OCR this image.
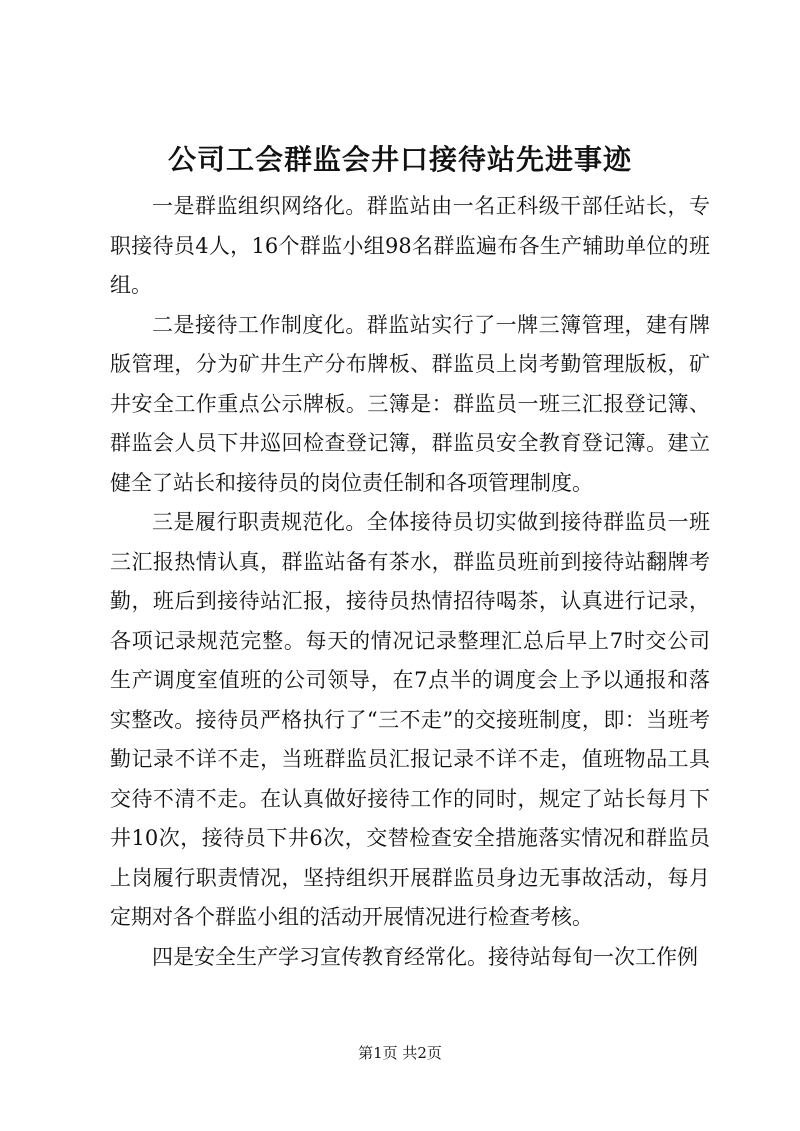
公司工会群监会井口接待站先进事迹

一是群监组织网络化。群监站由一名正科级干部任站长，专职接待员4人，16个群监小组98名群监遍布各生产辅助单位的班组。

二是接待工作制度化。群监站实行了一牌三簿管理，建有牌版管理，分为矿井生产分布牌板、群监员上岗考勤管理版板，矿井安全工作重点公示牌板。三簿是：群监员一班三汇报登记簿、群监会人员下井巡回检查登记簿，群监员安全教育登记簿。建立健全了站长和接待员的岗位责任制和各项管理制度。

三是履行职责规范化。全体接待员切实做到接待群监员一班三汇报热情认真，群监站备有茶水，群监员班前到接待站翻牌考勤，班后到接待站汇报，接待员热情招待喝茶，认真进行记录，各项记录规范完整。每天的情况记录整理汇总后早上7时交公司生产调度室值班的公司领导，在7点半的调度会上予以通报和落实整改。接待员严格执行了“三不走”的交接班制度，即：当班考勤记录不详不走，当班群监员汇报记录不详不走，值班物品工具交待不清不走。在认真做好接待工作的同时，规定了站长每月下井10次，接待员下井6次，交替检查安全措施落实情况和群监员上岗履行职责情况，坚持组织开展群监员身边无事故活动，每月定期对各个群监小组的活动开展情况进行检查考核。

四是安全生产学习宣传教育经常化。接待站每旬一次工作例

第1页 共2页
